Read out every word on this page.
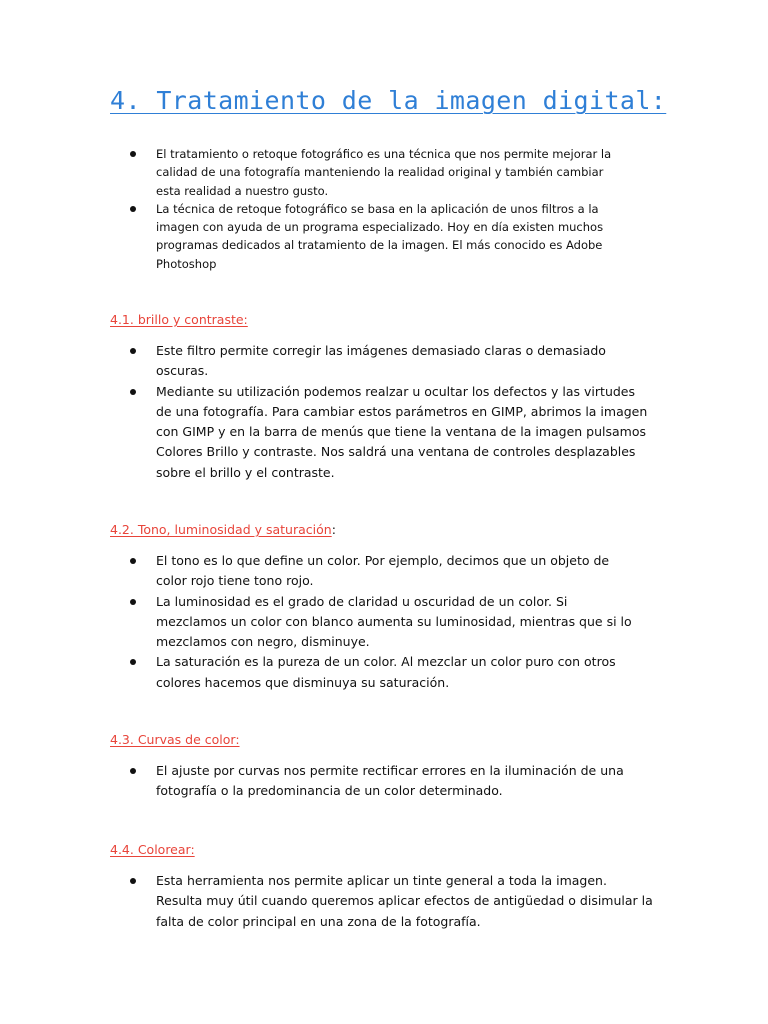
4. Tratamiento de la imagen digital:
El tratamiento o retoque fotográfico es una técnica que nos permite mejorar la calidad de una fotografía manteniendo la realidad original y también cambiar esta realidad a nuestro gusto.
La técnica de retoque fotográfico se basa en la aplicación de unos filtros a la imagen con ayuda de un programa especializado. Hoy en día existen muchos programas dedicados al tratamiento de la imagen. El más conocido es Adobe Photoshop
4.1. brillo y contraste:
Este filtro permite corregir las imágenes demasiado claras o demasiado oscuras.
Mediante su utilización podemos realzar u ocultar los defectos y las virtudes de una fotografía. Para cambiar estos parámetros en GIMP, abrimos la imagen con GIMP y en la barra de menús que tiene la ventana de la imagen pulsamos Colores Brillo y contraste. Nos saldrá una ventana de controles desplazables sobre el brillo y el contraste.
4.2. Tono, luminosidad y saturación:
El tono es lo que define un color. Por ejemplo, decimos que un objeto de color rojo tiene tono rojo.
La luminosidad es el grado de claridad u oscuridad de un color. Si mezclamos un color con blanco aumenta su luminosidad, mientras que si lo mezclamos con negro, disminuye.
La saturación es la pureza de un color. Al mezclar un color puro con otros colores hacemos que disminuya su saturación.
4.3. Curvas de color:
El ajuste por curvas nos permite rectificar errores en la iluminación de una fotografía o la predominancia de un color determinado.
4.4. Colorear:
Esta herramienta nos permite aplicar un tinte general a toda la imagen. Resulta muy útil cuando queremos aplicar efectos de antigüedad o disimular la falta de color principal en una zona de la fotografía.
